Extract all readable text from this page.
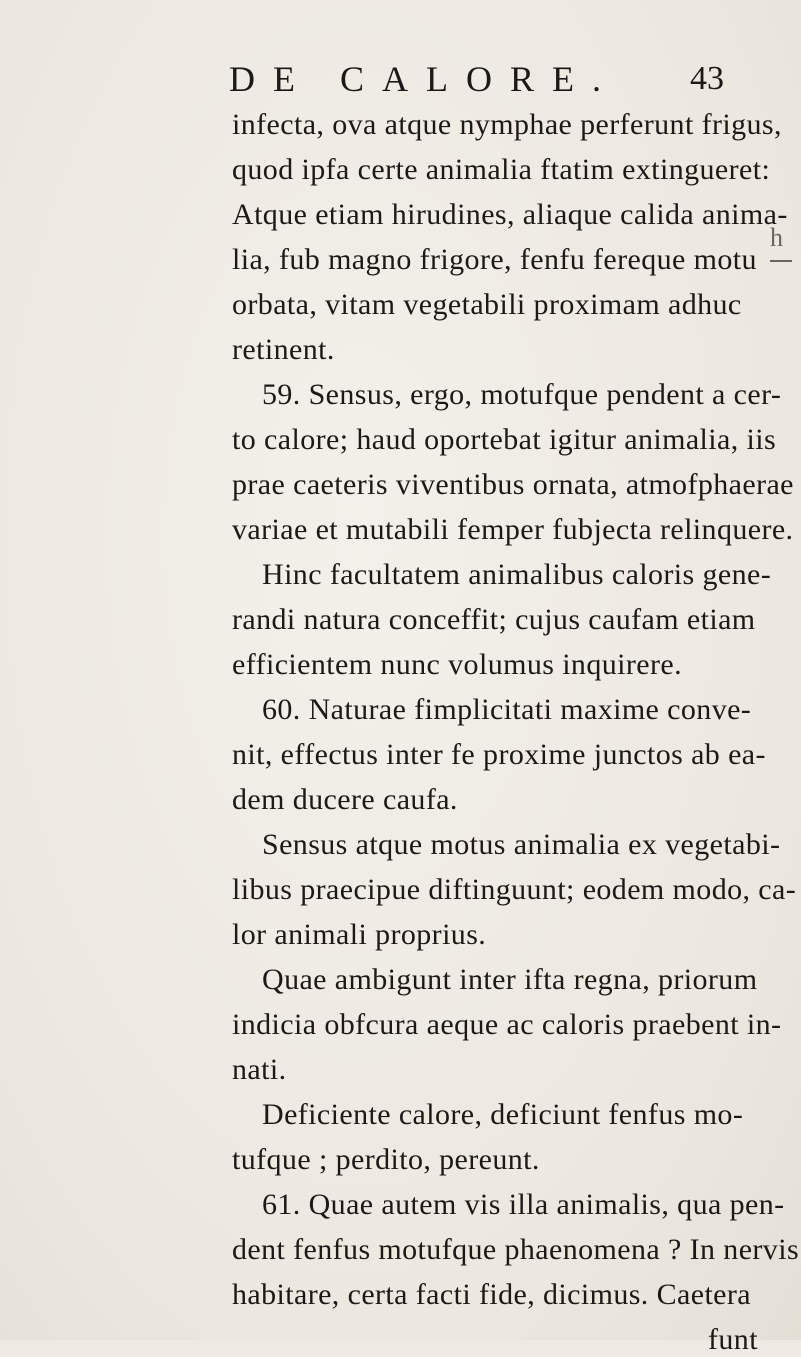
DE CALORE. 43
h
infecta, ova atque nymphae perferunt frigus,
quod ipfa certe animalia ftatim extingueret:
Atque etiam hirudines, aliaque calida anima-
lia, fub magno frigore, fenfu fereque motu
orbata, vitam vegetabili proximam adhuc
retinent.
59. Sensus, ergo, motufque pendent a cer-
to calore; haud oportebat igitur animalia, iis
prae caeteris viventibus ornata, atmofphaerae
variae et mutabili femper fubjecta relinquere.
Hinc facultatem animalibus caloris gene-
randi natura conceffit; cujus caufam etiam
efficientem nunc volumus inquirere.
60. Naturae fimplicitati maxime conve-
nit, effectus inter fe proxime junctos ab ea-
dem ducere caufa.
Sensus atque motus animalia ex vegetabi-
libus praecipue diftinguunt; eodem modo, ca-
lor animali proprius.
Quae ambigunt inter ifta regna, priorum
indicia obfcura aeque ac caloris praebent in-
nati.
Deficiente calore, deficiunt fenfus mo-
tufque ; perdito, pereunt.
61. Quae autem vis illa animalis, qua pen-
dent fenfus motufque phaenomena ? In nervis
habitare, certa facti fide, dicimus. Caetera
funt
